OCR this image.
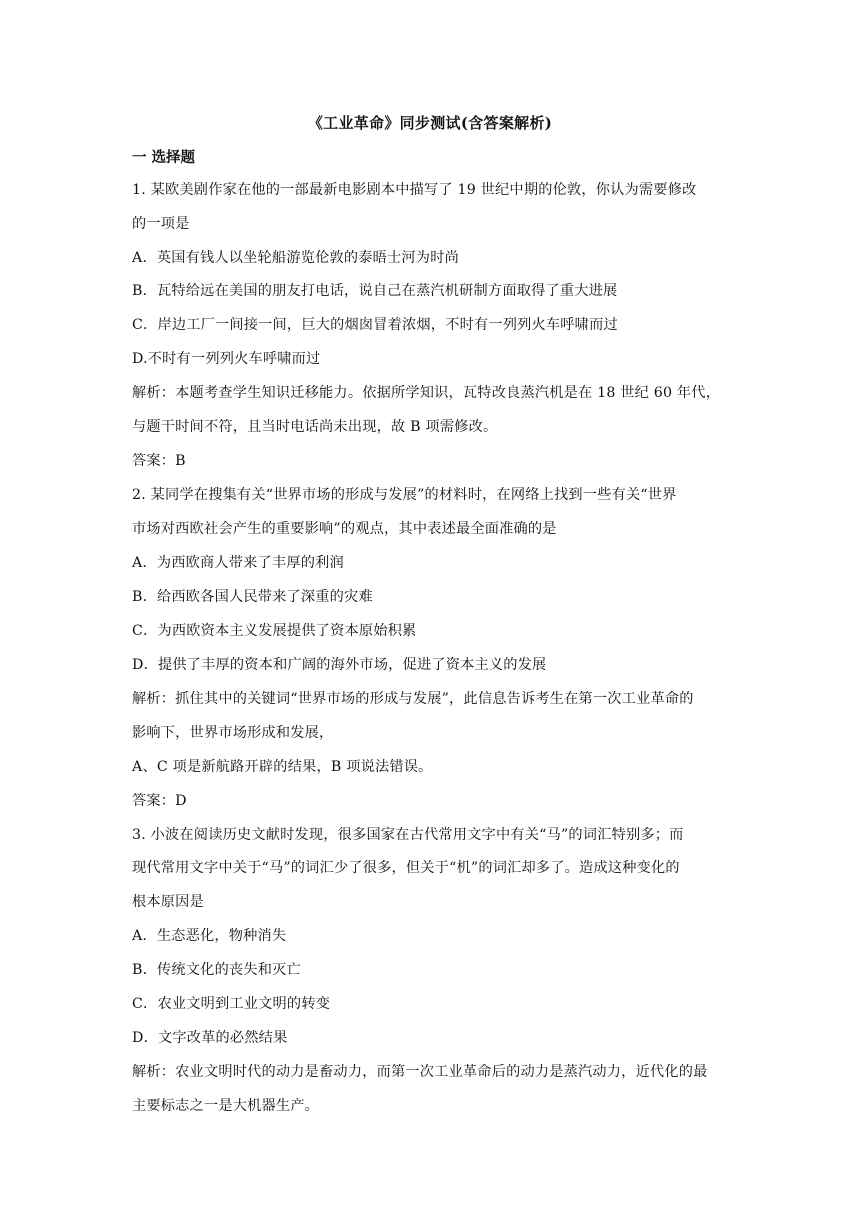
《工业革命》同步测试(含答案解析)
一 选择题
1. 某欧美剧作家在他的一部最新电影剧本中描写了 19 世纪中期的伦敦，你认为需要修改
的一项是
A．英国有钱人以坐轮船游览伦敦的泰晤士河为时尚
B．瓦特给远在美国的朋友打电话，说自己在蒸汽机研制方面取得了重大进展
C．岸边工厂一间接一间，巨大的烟囱冒着浓烟，不时有一列列火车呼啸而过
D.不时有一列列火车呼啸而过
解析：本题考查学生知识迁移能力。依据所学知识，瓦特改良蒸汽机是在 18 世纪 60 年代，
与题干时间不符，且当时电话尚未出现，故 B 项需修改。
答案：B
2. 某同学在搜集有关“世界市场的形成与发展”的材料时，在网络上找到一些有关“世界
市场对西欧社会产生的重要影响”的观点，其中表述最全面准确的是
A．为西欧商人带来了丰厚的利润
B．给西欧各国人民带来了深重的灾难
C．为西欧资本主义发展提供了资本原始积累
D．提供了丰厚的资本和广阔的海外市场，促进了资本主义的发展
解析：抓住其中的关键词“世界市场的形成与发展”，此信息告诉考生在第一次工业革命的
影响下，世界市场形成和发展，
A、C 项是新航路开辟的结果，B 项说法错误。
答案：D
3. 小波在阅读历史文献时发现，很多国家在古代常用文字中有关“马”的词汇特别多；而
现代常用文字中关于“马”的词汇少了很多，但关于“机”的词汇却多了。造成这种变化的
根本原因是
A．生态恶化，物种消失
B．传统文化的丧失和灭亡
C．农业文明到工业文明的转变
D．文字改革的必然结果
解析：农业文明时代的动力是畜动力，而第一次工业革命后的动力是蒸汽动力，近代化的最
主要标志之一是大机器生产。
